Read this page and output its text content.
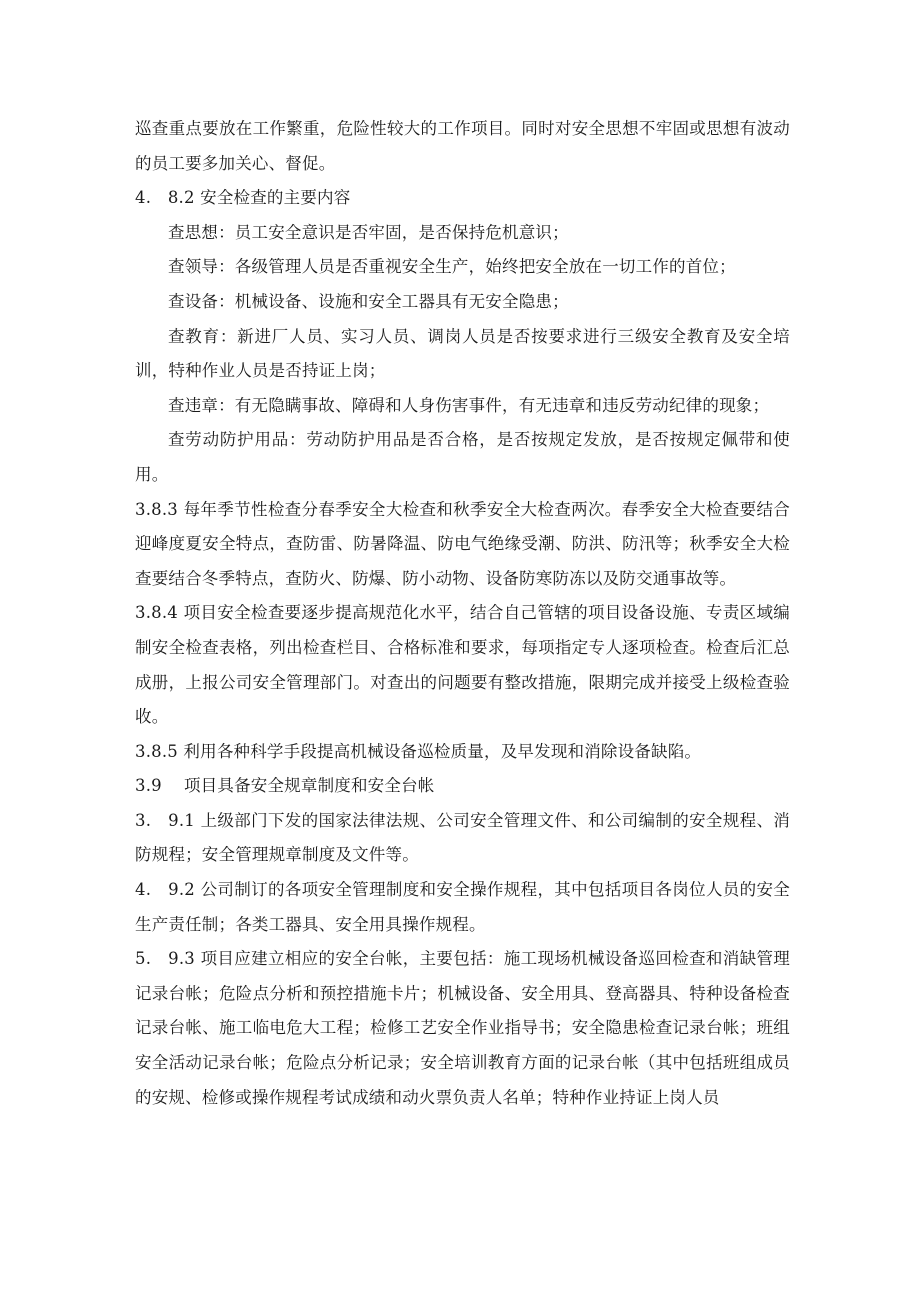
巡查重点要放在工作繁重，危险性较大的工作项目。同时对安全思想不牢固或思想有波动的员工要多加关心、督促。

4.　8.2 安全检查的主要内容

查思想：员工安全意识是否牢固，是否保持危机意识；

查领导：各级管理人员是否重视安全生产，始终把安全放在一切工作的首位；

查设备：机械设备、设施和安全工器具有无安全隐患；

查教育：新进厂人员、实习人员、调岗人员是否按要求进行三级安全教育及安全培训，特种作业人员是否持证上岗；

查违章：有无隐瞒事故、障碍和人身伤害事件，有无违章和违反劳动纪律的现象；

查劳动防护用品：劳动防护用品是否合格，是否按规定发放，是否按规定佩带和使用。

3.8.3 每年季节性检查分春季安全大检查和秋季安全大检查两次。春季安全大检查要结合迎峰度夏安全特点，查防雷、防暑降温、防电气绝缘受潮、防洪、防汛等；秋季安全大检查要结合冬季特点，查防火、防爆、防小动物、设备防寒防冻以及防交通事故等。

3.8.4 项目安全检查要逐步提高规范化水平，结合自己管辖的项目设备设施、专责区域编制安全检查表格，列出检查栏目、合格标准和要求，每项指定专人逐项检查。检查后汇总成册，上报公司安全管理部门。对查出的问题要有整改措施，限期完成并接受上级检查验收。

3.8.5 利用各种科学手段提高机械设备巡检质量，及早发现和消除设备缺陷。

3.9　 项目具备安全规章制度和安全台帐

3.　9.1 上级部门下发的国家法律法规、公司安全管理文件、和公司编制的安全规程、消防规程；安全管理规章制度及文件等。

4.　9.2 公司制订的各项安全管理制度和安全操作规程，其中包括项目各岗位人员的安全生产责任制；各类工器具、安全用具操作规程。

5.　9.3 项目应建立相应的安全台帐，主要包括：施工现场机械设备巡回检查和消缺管理记录台帐；危险点分析和预控措施卡片；机械设备、安全用具、登高器具、特种设备检查记录台帐、施工临电危大工程；检修工艺安全作业指导书；安全隐患检查记录台帐；班组安全活动记录台帐；危险点分析记录；安全培训教育方面的记录台帐（其中包括班组成员的安规、检修或操作规程考试成绩和动火票负责人名单；特种作业持证上岗人员
